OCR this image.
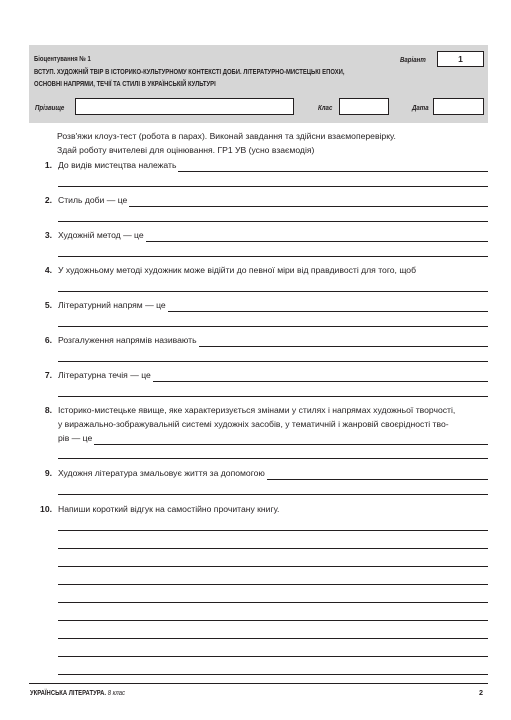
Біоцентування № 1
ВСТУП. ХУДОЖНІЙ ТВІР В ІСТОРИКО-КУЛЬТУРНОМУ КОНТЕКСТІ ДОБИ. ЛІТЕРАТУРНО-МИСТЕЦЬКІ ЕПОХИ,
ОСНОВНІ НАПРЯМИ, ТЕЧІЇ ТА СТИЛІ В УКРАЇНСЬКІЙ КУЛЬТУРІ
Варіант	1
Прізвище	Клас	Дата
Розв'яжи клоуз-тест (робота в парах). Виконай завдання та здійсни взаємоперевірку.
Здай роботу вчителеві для оцінювання. ГР1 УВ (усно взаємодія)
1. До видів мистецтва належать
2. Стиль доби — це
3. Художній метод — це
4. У художньому методі художник може відійти до певної міри від правдивості для того, щоб
5. Літературний напрям — це
6. Розгалуження напрямів називають
7. Літературна течія — це
8. Історико-мистецьке явище, яке характеризується змінами у стилях і напрямах художньої творчості,
у виражально-зображувальній системі художніх засобів, у тематичній і жанровій своєрідності тво-
рів — це
9. Художня література змальовує життя за допомогою
10. Напиши короткий відгук на самостійно прочитану книгу.
УКРАЇНСЬКА ЛІТЕРАТУРА. 8 клас	2
